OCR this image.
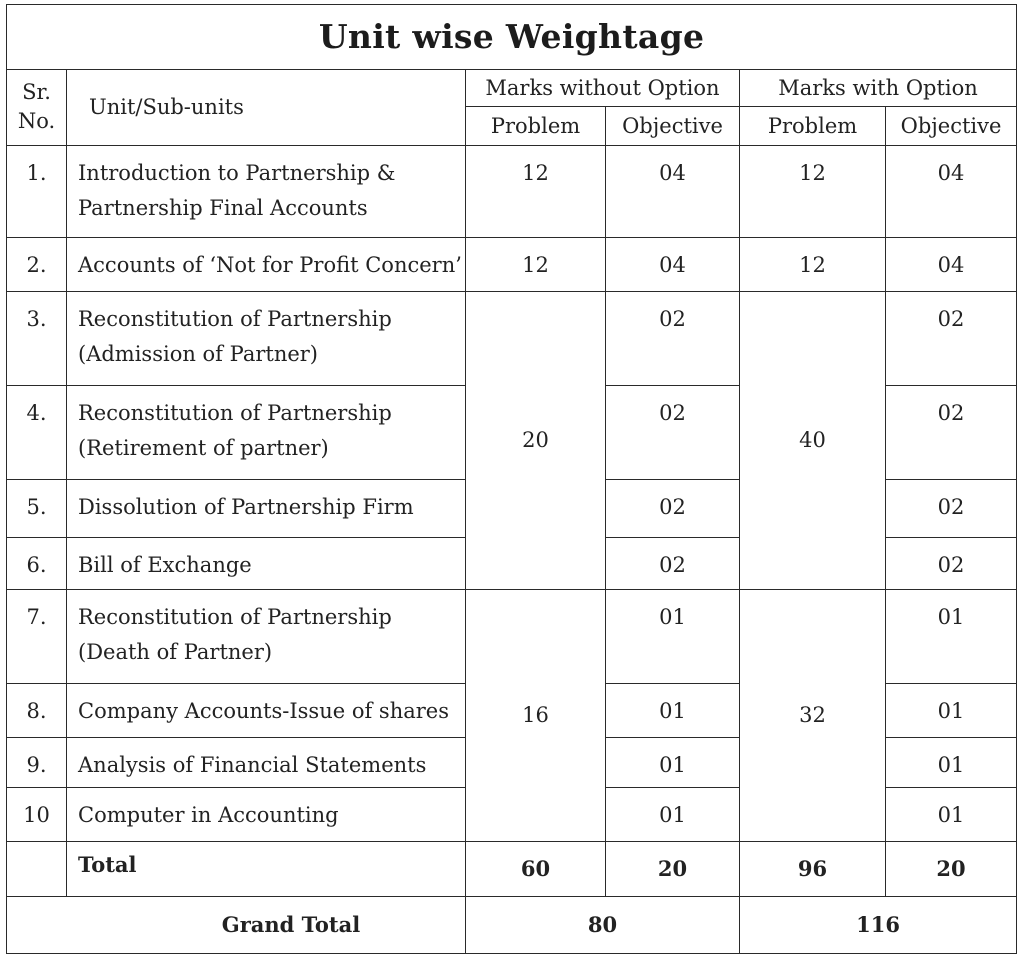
Unit wise Weightage					

Sr.
No.	Unit/Sub-units	Marks without Option		Marks with Option	
		Problem	Objective	Problem	Objective
1.	Introduction to Partnership &
Partnership Final Accounts	12	04	12	04
2.	Accounts of ‘Not for Profit Concern’	12	04	12	04
3.	Reconstitution of Partnership
(Admission of Partner)	20	02	40	02
4.	Reconstitution of Partnership
(Retirement of partner)		02		02
5.	Dissolution of Partnership Firm		02		02
6.	Bill of Exchange		02		02
7.	Reconstitution of Partnership
(Death of Partner)	16	01	32	01
8.	Company Accounts-Issue of shares		01		01
9.	Analysis of Financial Statements		01		01
10	Computer in Accounting		01		01
	Total	60	20	96	20
Grand Total		80		116	
